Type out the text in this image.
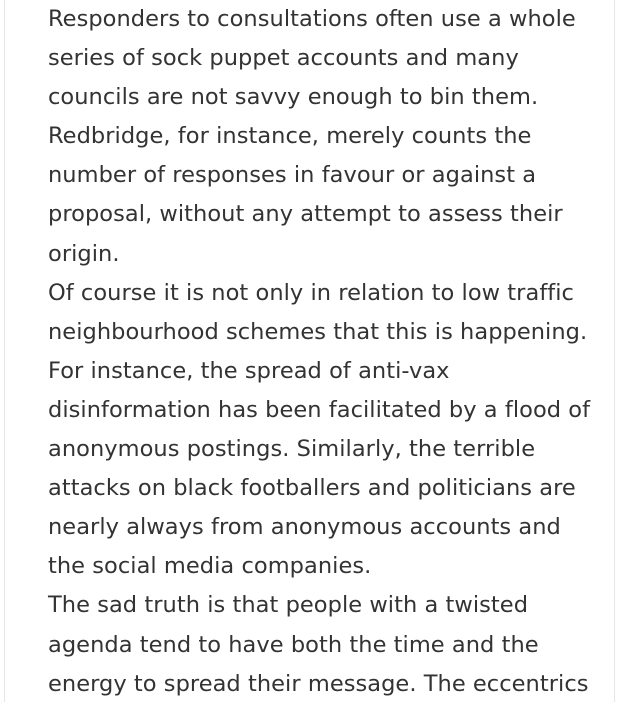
Responders to consultations often use a whole
series of sock puppet accounts and many
councils are not savvy enough to bin them.
Redbridge, for instance, merely counts the
number of responses in favour or against a
proposal, without any attempt to assess their
origin.

Of course it is not only in relation to low traffic
neighbourhood schemes that this is happening.
For instance, the spread of anti-vax
disinformation has been facilitated by a flood of
anonymous postings. Similarly, the terrible
attacks on black footballers and politicians are
nearly always from anonymous accounts and
the social media companies.

The sad truth is that people with a twisted
agenda tend to have both the time and the
energy to spread their message. The eccentrics
